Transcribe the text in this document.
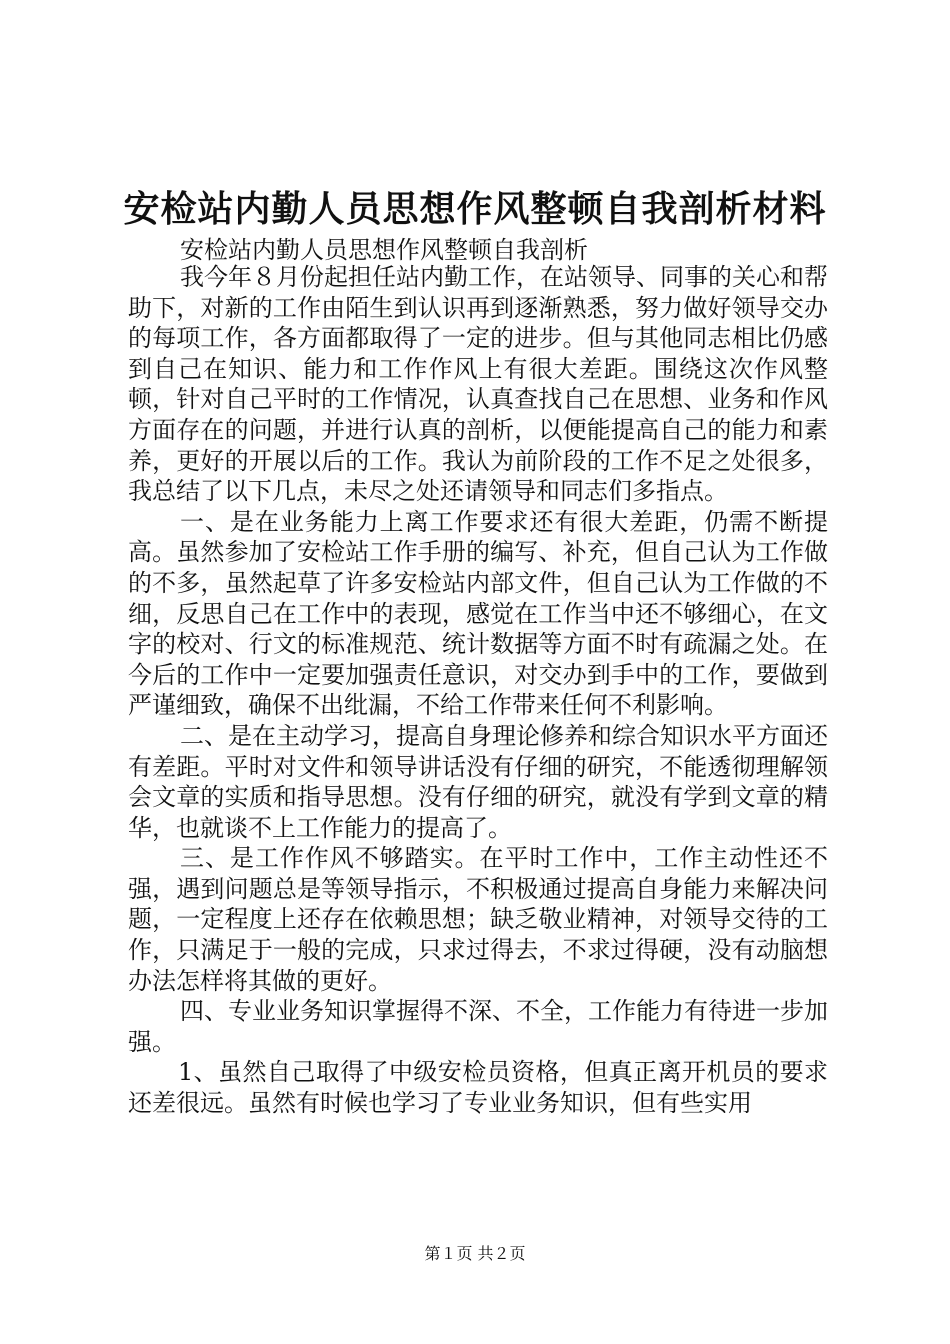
安检站内勤人员思想作风整顿自我剖析材料
安检站内勤人员思想作风整顿自我剖析

我今年８月份起担任站内勤工作，在站领导、同事的关心和帮助下，对新的工作由陌生到认识再到逐渐熟悉，努力做好领导交办的每项工作，各方面都取得了一定的进步。但与其他同志相比仍感到自己在知识、能力和工作作风上有很大差距。围绕这次作风整顿，针对自己平时的工作情况，认真查找自己在思想、业务和作风方面存在的问题，并进行认真的剖析，以便能提高自己的能力和素养，更好的开展以后的工作。我认为前阶段的工作不足之处很多，我总结了以下几点，未尽之处还请领导和同志们多指点。

一、是在业务能力上离工作要求还有很大差距，仍需不断提高。虽然参加了安检站工作手册的编写、补充，但自己认为工作做的不多，虽然起草了许多安检站内部文件，但自己认为工作做的不细，反思自己在工作中的表现，感觉在工作当中还不够细心，在文字的校对、行文的标准规范、统计数据等方面不时有疏漏之处。在今后的工作中一定要加强责任意识，对交办到手中的工作，要做到严谨细致，确保不出纰漏，不给工作带来任何不利影响。

二、是在主动学习，提高自身理论修养和综合知识水平方面还有差距。平时对文件和领导讲话没有仔细的研究，不能透彻理解领会文章的实质和指导思想。没有仔细的研究，就没有学到文章的精华，也就谈不上工作能力的提高了。

三、是工作作风不够踏实。在平时工作中，工作主动性还不强，遇到问题总是等领导指示，不积极通过提高自身能力来解决问题，一定程度上还存在依赖思想；缺乏敬业精神，对领导交待的工作，只满足于一般的完成，只求过得去，不求过得硬，没有动脑想办法怎样将其做的更好。

四、专业业务知识掌握得不深、不全，工作能力有待进一步加强。

1、虽然自己取得了中级安检员资格，但真正离开机员的要求还差很远。虽然有时候也学习了专业业务知识，但有些实用

第１页 共２页
